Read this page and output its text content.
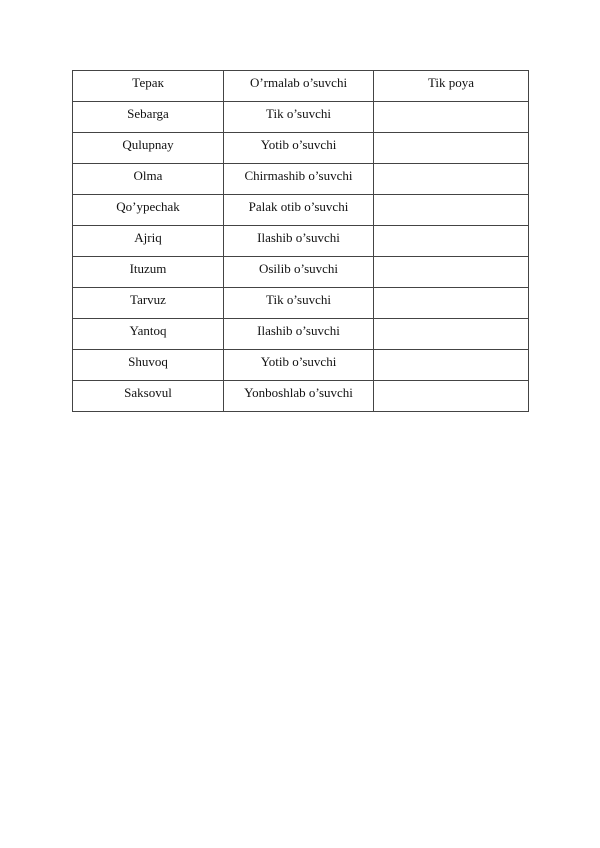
Терак	O’rmalab o’suvchi	Tik poya

Sebarga	Tik o’suvchi	

Qulupnay	Yotib o’suvchi	

Olma	Chirmashib o’suvchi	

Qo’ypechak	Palak otib o’suvchi	

Ajriq	Ilashib o’suvchi	

Ituzum	Osilib o’suvchi	

Tarvuz	Tik o’suvchi	

Yantoq	Ilashib o’suvchi	

Shuvoq	Yotib o’suvchi	

Saksovul	Yonboshlab o’suvchi	
